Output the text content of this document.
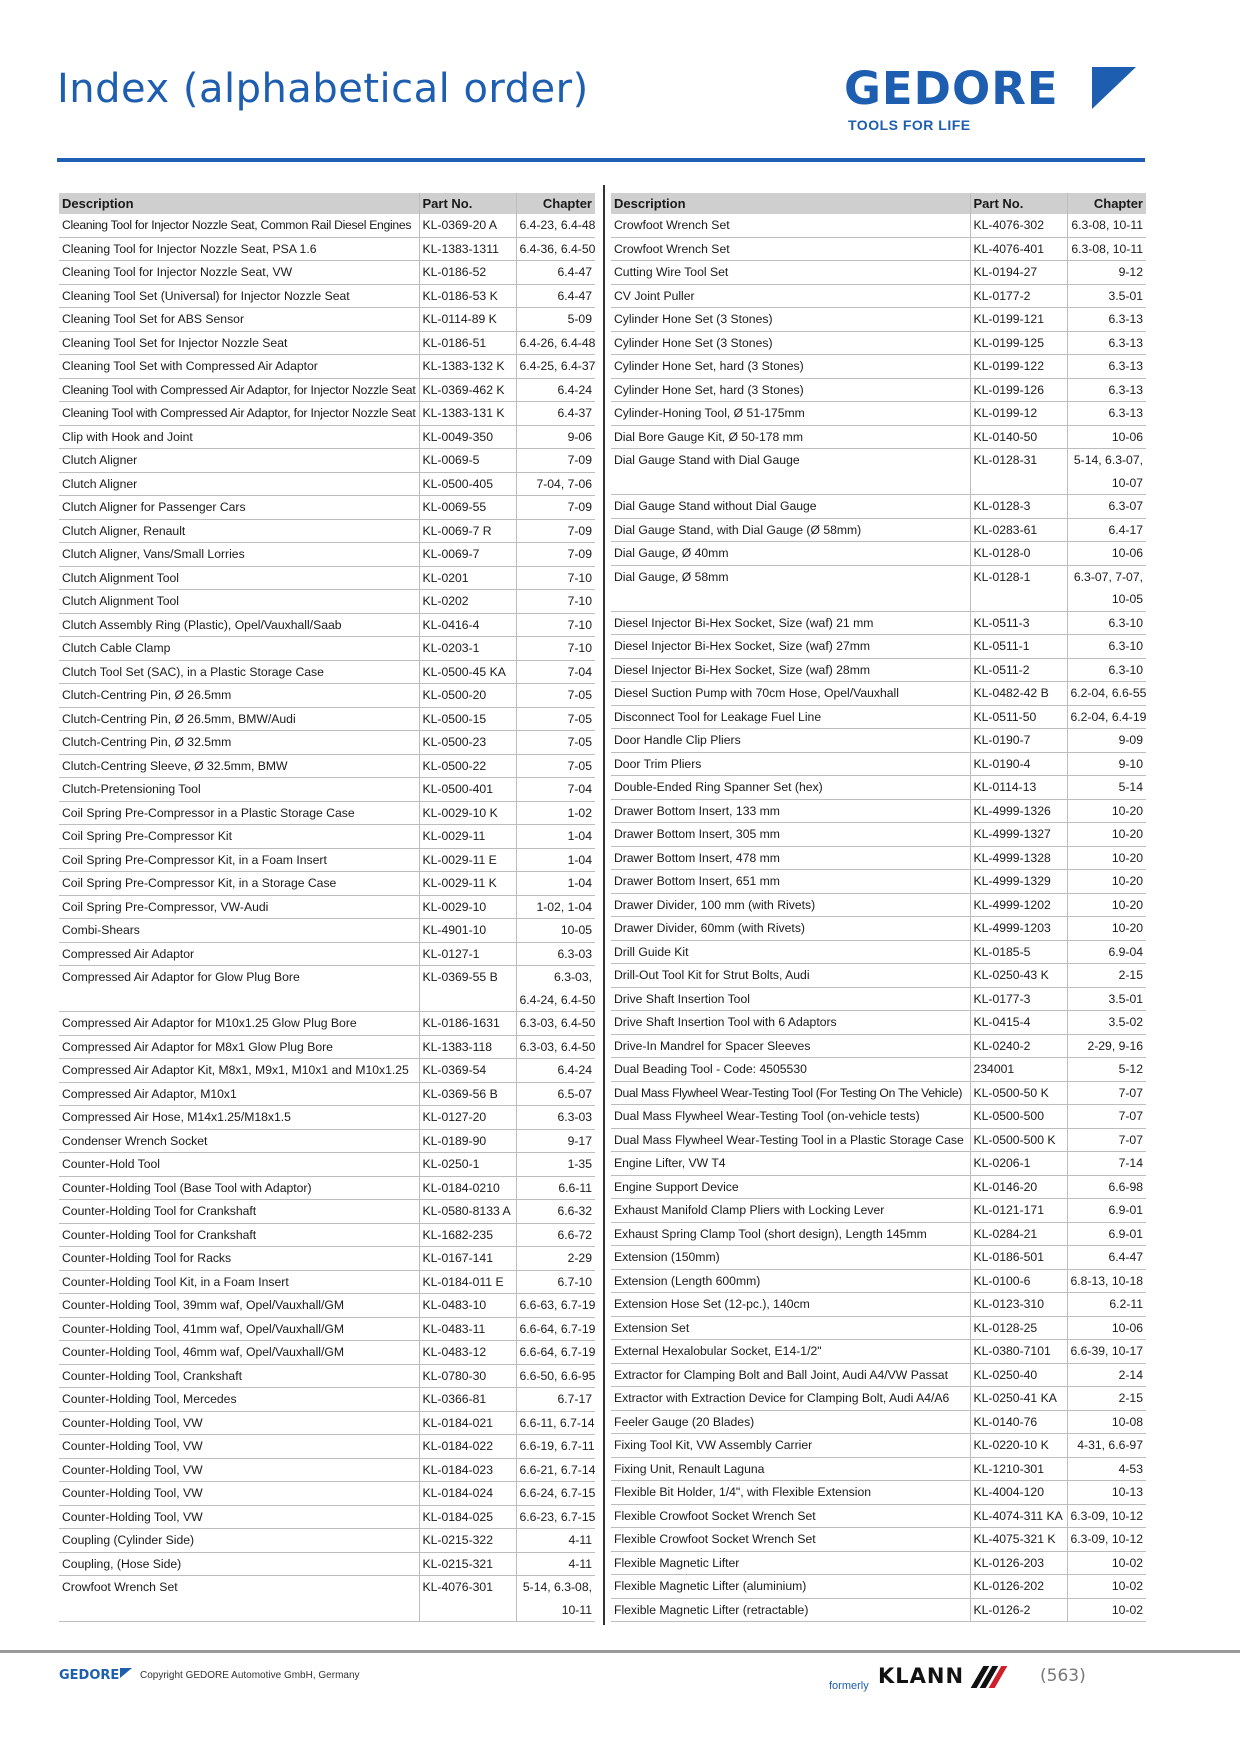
Index (alphabetical order)	GEDORE
TOOLS FOR LIFE
Description	Part No.	Chapter
Cleaning Tool for Injector Nozzle Seat, Common Rail Diesel Engines	KL-0369-20 A	6.4-23, 6.4-48
Cleaning Tool for Injector Nozzle Seat, PSA 1.6	KL-1383-1311	6.4-36, 6.4-50
Cleaning Tool for Injector Nozzle Seat, VW	KL-0186-52	6.4-47
Cleaning Tool Set (Universal) for Injector Nozzle Seat	KL-0186-53 K	6.4-47
Cleaning Tool Set for ABS Sensor	KL-0114-89 K	5-09
Cleaning Tool Set for Injector Nozzle Seat	KL-0186-51	6.4-26, 6.4-48
Cleaning Tool Set with Compressed Air Adaptor	KL-1383-132 K	6.4-25, 6.4-37
Cleaning Tool with Compressed Air Adaptor, for Injector Nozzle Seat	KL-0369-462 K	6.4-24
Cleaning Tool with Compressed Air Adaptor, for Injector Nozzle Seat	KL-1383-131 K	6.4-37
Clip with Hook and Joint	KL-0049-350	9-06
Clutch Aligner	KL-0069-5	7-09
Clutch Aligner	KL-0500-405	7-04, 7-06
Clutch Aligner for Passenger Cars	KL-0069-55	7-09
Clutch Aligner, Renault	KL-0069-7 R	7-09
Clutch Aligner, Vans/Small Lorries	KL-0069-7	7-09
Clutch Alignment Tool	KL-0201	7-10
Clutch Alignment Tool	KL-0202	7-10
Clutch Assembly Ring (Plastic), Opel/Vauxhall/Saab	KL-0416-4	7-10
Clutch Cable Clamp	KL-0203-1	7-10
Clutch Tool Set (SAC), in a Plastic Storage Case	KL-0500-45 KA	7-04
Clutch-Centring Pin, Ø 26.5mm	KL-0500-20	7-05
Clutch-Centring Pin, Ø 26.5mm, BMW/Audi	KL-0500-15	7-05
Clutch-Centring Pin, Ø 32.5mm	KL-0500-23	7-05
Clutch-Centring Sleeve, Ø 32.5mm, BMW	KL-0500-22	7-05
Clutch-Pretensioning Tool	KL-0500-401	7-04
Coil Spring Pre-Compressor in a Plastic Storage Case	KL-0029-10 K	1-02
Coil Spring Pre-Compressor Kit	KL-0029-11	1-04
Coil Spring Pre-Compressor Kit, in a Foam Insert	KL-0029-11 E	1-04
Coil Spring Pre-Compressor Kit, in a Storage Case	KL-0029-11 K	1-04
Coil Spring Pre-Compressor, VW-Audi	KL-0029-10	1-02, 1-04
Combi-Shears	KL-4901-10	10-05
Compressed Air Adaptor	KL-0127-1	6.3-03
Compressed Air Adaptor for Glow Plug Bore	KL-0369-55 B	6.3-03,
		6.4-24, 6.4-50
Compressed Air Adaptor for M10x1.25 Glow Plug Bore	KL-0186-1631	6.3-03, 6.4-50
Compressed Air Adaptor for M8x1 Glow Plug Bore	KL-1383-118	6.3-03, 6.4-50
Compressed Air Adaptor Kit, M8x1, M9x1, M10x1 and M10x1.25	KL-0369-54	6.4-24
Compressed Air Adaptor, M10x1	KL-0369-56 B	6.5-07
Compressed Air Hose, M14x1.25/M18x1.5	KL-0127-20	6.3-03
Condenser Wrench Socket	KL-0189-90	9-17
Counter-Hold Tool	KL-0250-1	1-35
Counter-Holding Tool (Base Tool with Adaptor)	KL-0184-0210	6.6-11
Counter-Holding Tool for Crankshaft	KL-0580-8133 A	6.6-32
Counter-Holding Tool for Crankshaft	KL-1682-235	6.6-72
Counter-Holding Tool for Racks	KL-0167-141	2-29
Counter-Holding Tool Kit, in a Foam Insert	KL-0184-011 E	6.7-10
Counter-Holding Tool, 39mm waf, Opel/Vauxhall/GM	KL-0483-10	6.6-63, 6.7-19
Counter-Holding Tool, 41mm waf, Opel/Vauxhall/GM	KL-0483-11	6.6-64, 6.7-19
Counter-Holding Tool, 46mm waf, Opel/Vauxhall/GM	KL-0483-12	6.6-64, 6.7-19
Counter-Holding Tool, Crankshaft	KL-0780-30	6.6-50, 6.6-95
Counter-Holding Tool, Mercedes	KL-0366-81	6.7-17
Counter-Holding Tool, VW	KL-0184-021	6.6-11, 6.7-14
Counter-Holding Tool, VW	KL-0184-022	6.6-19, 6.7-11
Counter-Holding Tool, VW	KL-0184-023	6.6-21, 6.7-14
Counter-Holding Tool, VW	KL-0184-024	6.6-24, 6.7-15
Counter-Holding Tool, VW	KL-0184-025	6.6-23, 6.7-15
Coupling (Cylinder Side)	KL-0215-322	4-11
Coupling, (Hose Side)	KL-0215-321	4-11
Crowfoot Wrench Set	KL-4076-301	5-14, 6.3-08,
		10-11
Description	Part No.	Chapter
Crowfoot Wrench Set	KL-4076-302	6.3-08, 10-11
Crowfoot Wrench Set	KL-4076-401	6.3-08, 10-11
Cutting Wire Tool Set	KL-0194-27	9-12
CV Joint Puller	KL-0177-2	3.5-01
Cylinder Hone Set (3 Stones)	KL-0199-121	6.3-13
Cylinder Hone Set (3 Stones)	KL-0199-125	6.3-13
Cylinder Hone Set, hard (3 Stones)	KL-0199-122	6.3-13
Cylinder Hone Set, hard (3 Stones)	KL-0199-126	6.3-13
Cylinder-Honing Tool, Ø 51-175mm	KL-0199-12	6.3-13
Dial Bore Gauge Kit, Ø 50-178 mm	KL-0140-50	10-06
Dial Gauge Stand with Dial Gauge	KL-0128-31	5-14, 6.3-07,
		10-07
Dial Gauge Stand without Dial Gauge	KL-0128-3	6.3-07
Dial Gauge Stand, with Dial Gauge (Ø 58mm)	KL-0283-61	6.4-17
Dial Gauge, Ø 40mm	KL-0128-0	10-06
Dial Gauge, Ø 58mm	KL-0128-1	6.3-07, 7-07,
		10-05
Diesel Injector Bi-Hex Socket, Size (waf) 21 mm	KL-0511-3	6.3-10
Diesel Injector Bi-Hex Socket, Size (waf) 27mm	KL-0511-1	6.3-10
Diesel Injector Bi-Hex Socket, Size (waf) 28mm	KL-0511-2	6.3-10
Diesel Suction Pump with 70cm Hose, Opel/Vauxhall	KL-0482-42 B	6.2-04, 6.6-55
Disconnect Tool for Leakage Fuel Line	KL-0511-50	6.2-04, 6.4-19
Door Handle Clip Pliers	KL-0190-7	9-09
Door Trim Pliers	KL-0190-4	9-10
Double-Ended Ring Spanner Set (hex)	KL-0114-13	5-14
Drawer Bottom Insert, 133 mm	KL-4999-1326	10-20
Drawer Bottom Insert, 305 mm	KL-4999-1327	10-20
Drawer Bottom Insert, 478 mm	KL-4999-1328	10-20
Drawer Bottom Insert, 651 mm	KL-4999-1329	10-20
Drawer Divider, 100 mm (with Rivets)	KL-4999-1202	10-20
Drawer Divider, 60mm (with Rivets)	KL-4999-1203	10-20
Drill Guide Kit	KL-0185-5	6.9-04
Drill-Out Tool Kit for Strut Bolts, Audi	KL-0250-43 K	2-15
Drive Shaft Insertion Tool	KL-0177-3	3.5-01
Drive Shaft Insertion Tool with 6 Adaptors	KL-0415-4	3.5-02
Drive-In Mandrel for Spacer Sleeves	KL-0240-2	2-29, 9-16
Dual Beading Tool - Code: 4505530	234001	5-12
Dual Mass Flywheel Wear-Testing Tool (For Testing On The Vehicle)	KL-0500-50 K	7-07
Dual Mass Flywheel Wear-Testing Tool (on-vehicle tests)	KL-0500-500	7-07
Dual Mass Flywheel Wear-Testing Tool in a Plastic Storage Case	KL-0500-500 K	7-07
Engine Lifter, VW T4	KL-0206-1	7-14
Engine Support Device	KL-0146-20	6.6-98
Exhaust Manifold Clamp Pliers with Locking Lever	KL-0121-171	6.9-01
Exhaust Spring Clamp Tool (short design), Length 145mm	KL-0284-21	6.9-01
Extension (150mm)	KL-0186-501	6.4-47
Extension (Length 600mm)	KL-0100-6	6.8-13, 10-18
Extension Hose Set (12-pc.), 140cm	KL-0123-310	6.2-11
Extension Set	KL-0128-25	10-06
External Hexalobular Socket, E14-1/2"	KL-0380-7101	6.6-39, 10-17
Extractor for Clamping Bolt and Ball Joint, Audi A4/VW Passat	KL-0250-40	2-14
Extractor with Extraction Device for Clamping Bolt, Audi A4/A6	KL-0250-41 KA	2-15
Feeler Gauge (20 Blades)	KL-0140-76	10-08
Fixing Tool Kit, VW Assembly Carrier	KL-0220-10 K	4-31, 6.6-97
Fixing Unit, Renault Laguna	KL-1210-301	4-53
Flexible Bit Holder, 1/4", with Flexible Extension	KL-4004-120	10-13
Flexible Crowfoot Socket Wrench Set	KL-4074-311 KA	6.3-09, 10-12
Flexible Crowfoot Socket Wrench Set	KL-4075-321 K	6.3-09, 10-12
Flexible Magnetic Lifter	KL-0126-203	10-02
Flexible Magnetic Lifter (aluminium)	KL-0126-202	10-02
Flexible Magnetic Lifter (retractable)	KL-0126-2	10-02
GEDORE	Copyright GEDORE Automotive GmbH, Germany
formerly KLANN	(563)
